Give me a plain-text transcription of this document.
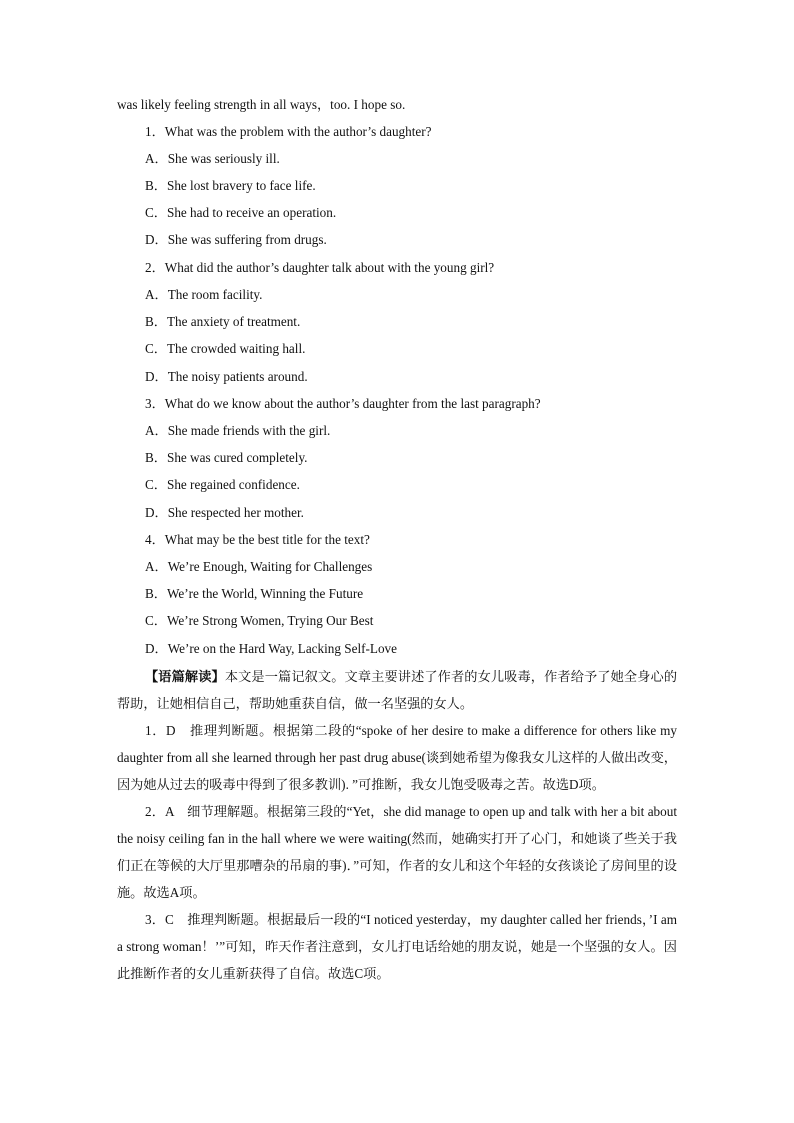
was likely feeling strength in all ways，too. I hope so.
1．What was the problem with the author’s daughter?
A．She was seriously ill.
B．She lost bravery to face life.
C．She had to receive an operation.
D．She was suffering from drugs.
2．What did the author’s daughter talk about with the young girl?
A．The room facility.
B．The anxiety of treatment.
C．The crowded waiting hall.
D．The noisy patients around.
3．What do we know about the author’s daughter from the last paragraph?
A．She made friends with the girl.
B．She was cured completely.
C．She regained confidence.
D．She respected her mother.
4．What may be the best title for the text?
A．We’re Enough, Waiting for Challenges
B．We’re the World, Winning the Future
C．We’re Strong Women, Trying Our Best
D．We’re on the Hard Way, Lacking Self-Love

【语篇解读】本文是一篇记叙文。文章主要讲述了作者的女儿吸毒，作者给予了她全身心的帮助，让她相信自己，帮助她重获自信，做一名坚强的女人。

1．D　推理判断题。根据第二段的“spoke of her desire to make a difference for others like my daughter from all she learned through her past drug abuse(谈到她希望为像我女儿这样的人做出改变，因为她从过去的吸毒中得到了很多教训). ”可推断，我女儿饱受吸毒之苦。故选D项。

2．A　细节理解题。根据第三段的“Yet，she did manage to open up and talk with her a bit about the noisy ceiling fan in the hall where we were waiting(然而，她确实打开了心门，和她谈了些关于我们正在等候的大厅里那嘈杂的吊扇的事)．”可知，作者的女儿和这个年轻的女孩谈论了房间里的设施。故选A项。

3．C　推理判断题。根据最后一段的“I noticed yesterday，my daughter called her friends，’I am a strong woman！’”可知，昨天作者注意到，女儿打电话给她的朋友说，她是一个坚强的女人。因此推断作者的女儿重新获得了自信。故选C项。
